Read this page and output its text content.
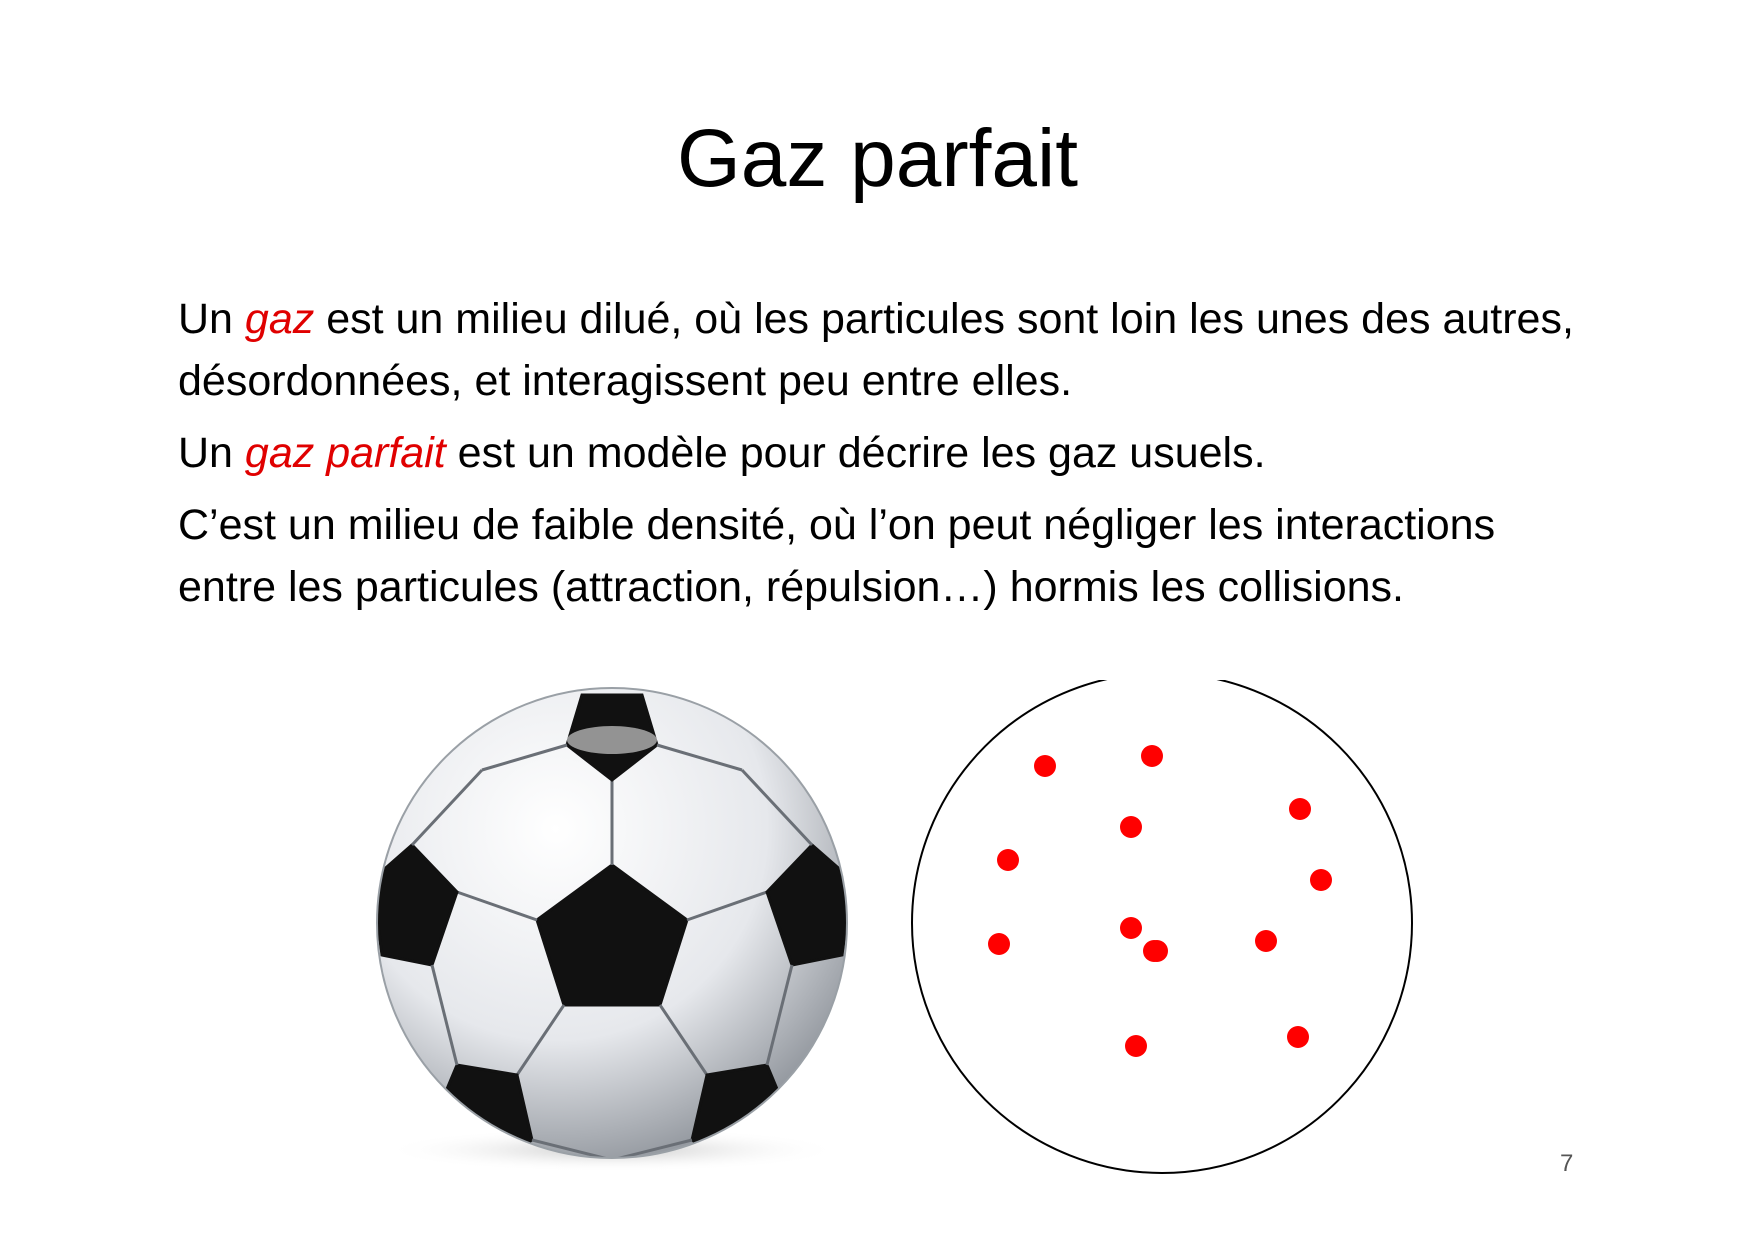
Gaz parfait

Un gaz est un milieu dilué, où les particules sont loin les unes des autres, désordonnées, et interagissent peu entre elles.

Un gaz parfait est un modèle pour décrire les gaz usuels.

C’est un milieu de faible densité, où l’on peut négliger les interactions entre les particules (attraction, répulsion…) hormis les collisions.

7
